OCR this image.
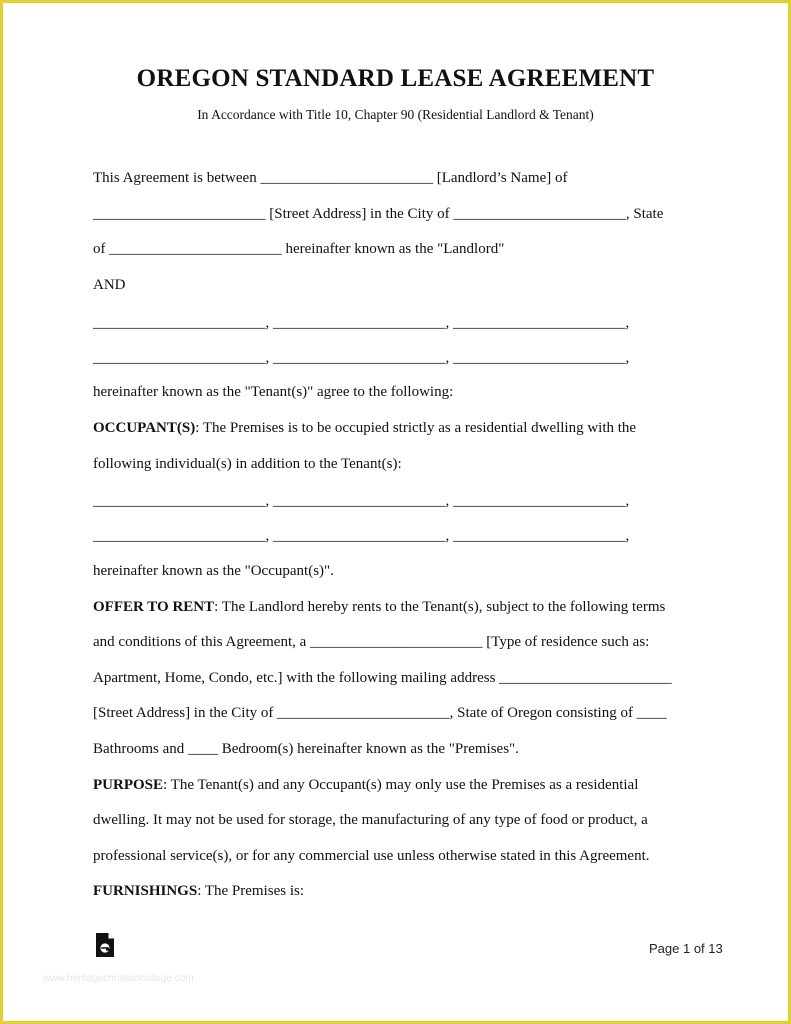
OREGON STANDARD LEASE AGREEMENT
In Accordance with Title 10, Chapter 90 (Residential Landlord & Tenant)
This Agreement is between _______________________ [Landlord’s Name] of
_______________________ [Street Address] in the City of _______________________, State
of _______________________ hereinafter known as the "Landlord"
AND
_______________________, _______________________, _______________________,
_______________________, _______________________, _______________________,
hereinafter known as the "Tenant(s)" agree to the following:
OCCUPANT(S): The Premises is to be occupied strictly as a residential dwelling with the
following individual(s) in addition to the Tenant(s):
_______________________, _______________________, _______________________,
_______________________, _______________________, _______________________,
hereinafter known as the "Occupant(s)".
OFFER TO RENT: The Landlord hereby rents to the Tenant(s), subject to the following terms
and conditions of this Agreement, a _______________________ [Type of residence such as:
Apartment, Home, Condo, etc.] with the following mailing address _______________________
[Street Address] in the City of _______________________, State of Oregon consisting of ____
Bathrooms and ____ Bedroom(s) hereinafter known as the "Premises".
PURPOSE: The Tenant(s) and any Occupant(s) may only use the Premises as a residential
dwelling. It may not be used for storage, the manufacturing of any type of food or product, a
professional service(s), or for any commercial use unless otherwise stated in this Agreement.
FURNISHINGS: The Premises is:
Page 1 of 13
www.heritagechristiancollege.com
